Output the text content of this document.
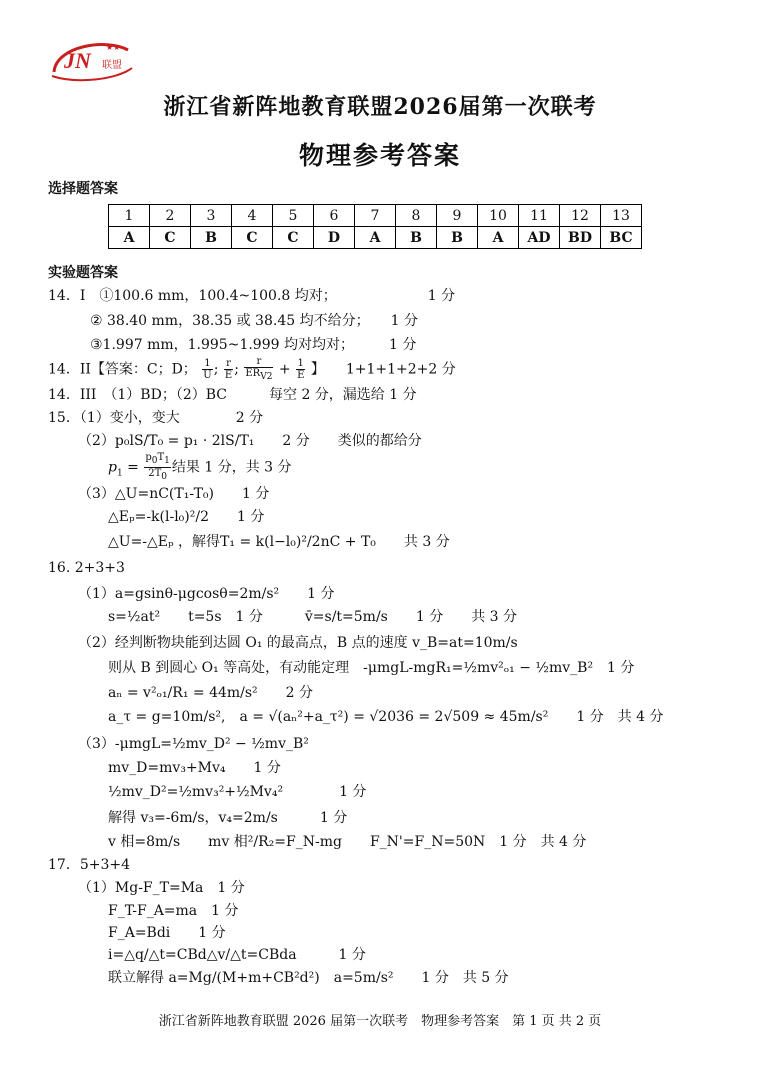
JN 联盟
★★
浙江省新阵地教育联盟2026届第一次联考
物理参考答案
选择题答案
1	2	3	4	5	6	7	8	9	10	11	12	13
A	C	B	C	C	D	A	B	B	A	AD	BD	BC
实验题答案
14．I　①100.6 mm，100.4~100.8 均对；　　　　　　　1 分
② 38.40 mm，38.35 或 38.45 均不给分；　　1 分
③1.997 mm，1.995~1.999 均对均对；　　　1 分
14．II【答案：C；D； $\frac{1}{U}$ ; $\frac{r}{E}$ ; $\frac{r}{ER_{V2}} + \frac{1}{E}$ 】　　1+1+1+2+2 分
14．III　（1）BD；（2）BC　　　每空 2 分，漏选给 1 分
15．（1）变小，变大　　　　2 分
（2）p₀lS/T₀ = p₁ · 2lS/T₁　　2 分　　类似的都给分
$p_1 = \frac{p_0T_1}{2T_0}$ 结果 1 分，共 3 分
（3）△U=nC(T₁-T₀)　　1 分
△Eₚ=-k(l-l₀)²/2　　1 分
△U=-△Eₚ ，解得T₁ = k(l−l₀)²/2nC + T₀　　共 3 分
16. 2+3+3
（1）a=gsinθ-μgcosθ=2m/s²　　1 分
s=½at²　　t=5s　1 分　　　v̄=s/t=5m/s　　1 分　　共 3 分
（2）经判断物块能到达圆 O₁ 的最高点，B 点的速度 v_B=at=10m/s
则从 B 到圆心 O₁ 等高处，有动能定理　-μmgL-mgR₁=½mv²ₒ₁ − ½mv_B²　1 分
aₙ = v²ₒ₁/R₁ = 44m/s²　　2 分
a_τ = g=10m/s²,　a = √(aₙ²+a_τ²) = √2036 = 2√509 ≈ 45m/s²　　1 分　共 4 分
（3）-μmgL=½mv_D² − ½mv_B²
mv_D=mv₃+Mv₄　　1 分
½mv_D²=½mv₃²+½Mv₄²　　　　1 分
解得 v₃=-6m/s，v₄=2m/s　　　1 分
v 相=8m/s　　mv 相²/R₂=F_N-mg　　F_N'=F_N=50N　1 分　共 4 分
17．5+3+4
（1）Mg-F_T=Ma　1 分
F_T-F_A=ma　1 分
F_A=Bdi　　1 分
i=△q/△t=CBd△v/△t=CBda　　　1 分
联立解得 a=Mg/(M+m+CB²d²)　a=5m/s²　　1 分　共 5 分
浙江省新阵地教育联盟 2026 届第一次联考　物理参考答案　第 1 页 共 2 页
